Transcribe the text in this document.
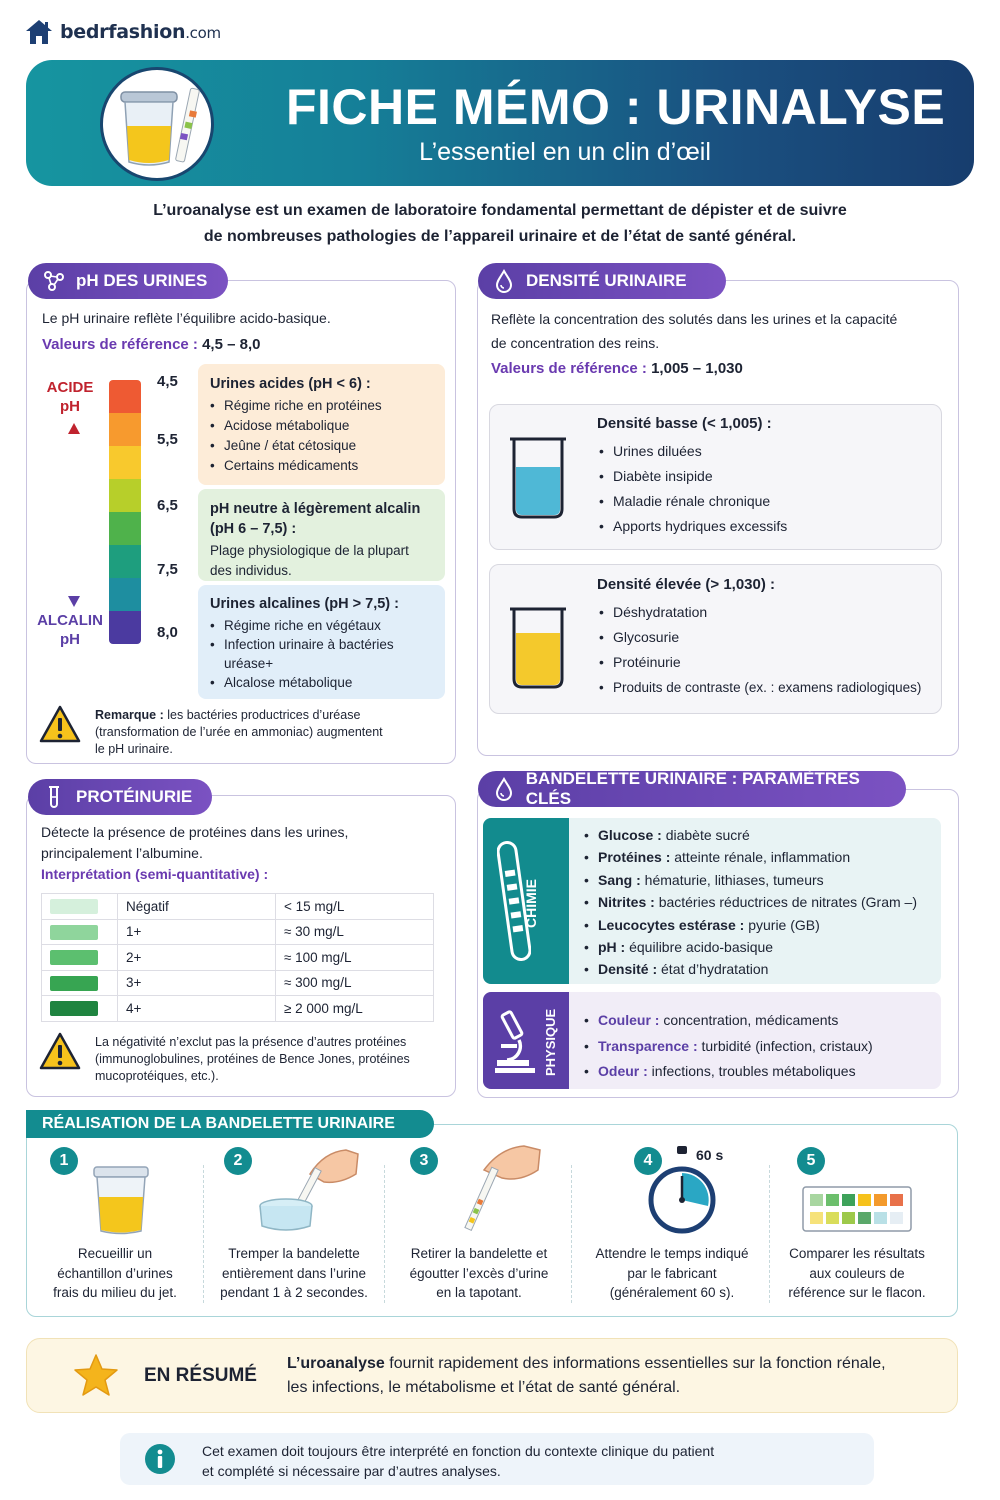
bedrfashion.com
FICHE MÉMO : URINALYSE
L’essentiel en un clin d’œil
L’uroanalyse est un examen de laboratoire fondamental permettant de dépister et de suivre
de nombreuses pathologies de l’appareil urinaire et de l’état de santé général.
pH DES URINES
Le pH urinaire reflète l’équilibre acido-basique.
Valeurs de référence : 4,5 – 8,0
ACIDE
pH
ALCALIN
pH
4,5
5,5
6,5
7,5
8,0
Urines acides (pH < 6) :
• Régime riche en protéines
• Acidose métabolique
• Jeûne / état cétosique
• Certains médicaments
pH neutre à légèrement alcalin
(pH 6 – 7,5) :
Plage physiologique de la plupart
des individus.
Urines alcalines (pH > 7,5) :
• Régime riche en végétaux
• Infection urinaire à bactéries
uréase+
• Alcalose métabolique
Remarque : les bactéries productrices d’uréase
(transformation de l’urée en ammoniac) augmentent
le pH urinaire.
DENSITÉ URINAIRE
Reflète la concentration des solutés dans les urines et la capacité
de concentration des reins.
Valeurs de référence : 1,005 – 1,030
Densité basse (< 1,005) :
• Urines diluées
• Diabète insipide
• Maladie rénale chronique
• Apports hydriques excessifs
Densité élevée (> 1,030) :
• Déshydratation
• Glycosurie
• Protéinurie
• Produits de contraste (ex. : examens radiologiques)
PROTÉINURIE
Détecte la présence de protéines dans les urines,
principalement l’albumine.
Interprétation (semi-quantitative) :
	Négatif	< 15 mg/L
	1+	≈ 30 mg/L
	2+	≈ 100 mg/L
	3+	≈ 300 mg/L
	4+	≥ 2 000 mg/L
La négativité n’exclut pas la présence d’autres protéines
(immunoglobulines, protéines de Bence Jones, protéines
mucoprotéiques, etc.).
BANDELETTE URINAIRE : PARAMÈTRES CLÉS
CHIMIE
• Glucose : diabète sucré
• Protéines : atteinte rénale, inflammation
• Sang : hématurie, lithiases, tumeurs
• Nitrites : bactéries réductrices de nitrates (Gram –)
• Leucocytes estérase : pyurie (GB)
• pH : équilibre acido-basique
• Densité : état d’hydratation
PHYSIQUE	• Couleur : concentration, médicaments
• Transparence : turbidité (infection, cristaux)
• Odeur : infections, troubles métaboliques
RÉALISATION DE LA BANDELETTE URINAIRE
1
Recueillir un
échantillon d’urines
frais du milieu du jet.
2
Tremper la bandelette
entièrement dans l’urine
pendant 1 à 2 secondes.
3
Retirer la bandelette et
égoutter l’excès d’urine
en la tapotant.
4	60 s
Attendre le temps indiqué
par le fabricant
(généralement 60 s).
5
Comparer les résultats
aux couleurs de
référence sur le flacon.
EN RÉSUMÉ
L’uroanalyse fournit rapidement des informations essentielles sur la fonction rénale,
les infections, le métabolisme et l’état de santé général.
Cet examen doit toujours être interprété en fonction du contexte clinique du patient
et complété si nécessaire par d’autres analyses.
